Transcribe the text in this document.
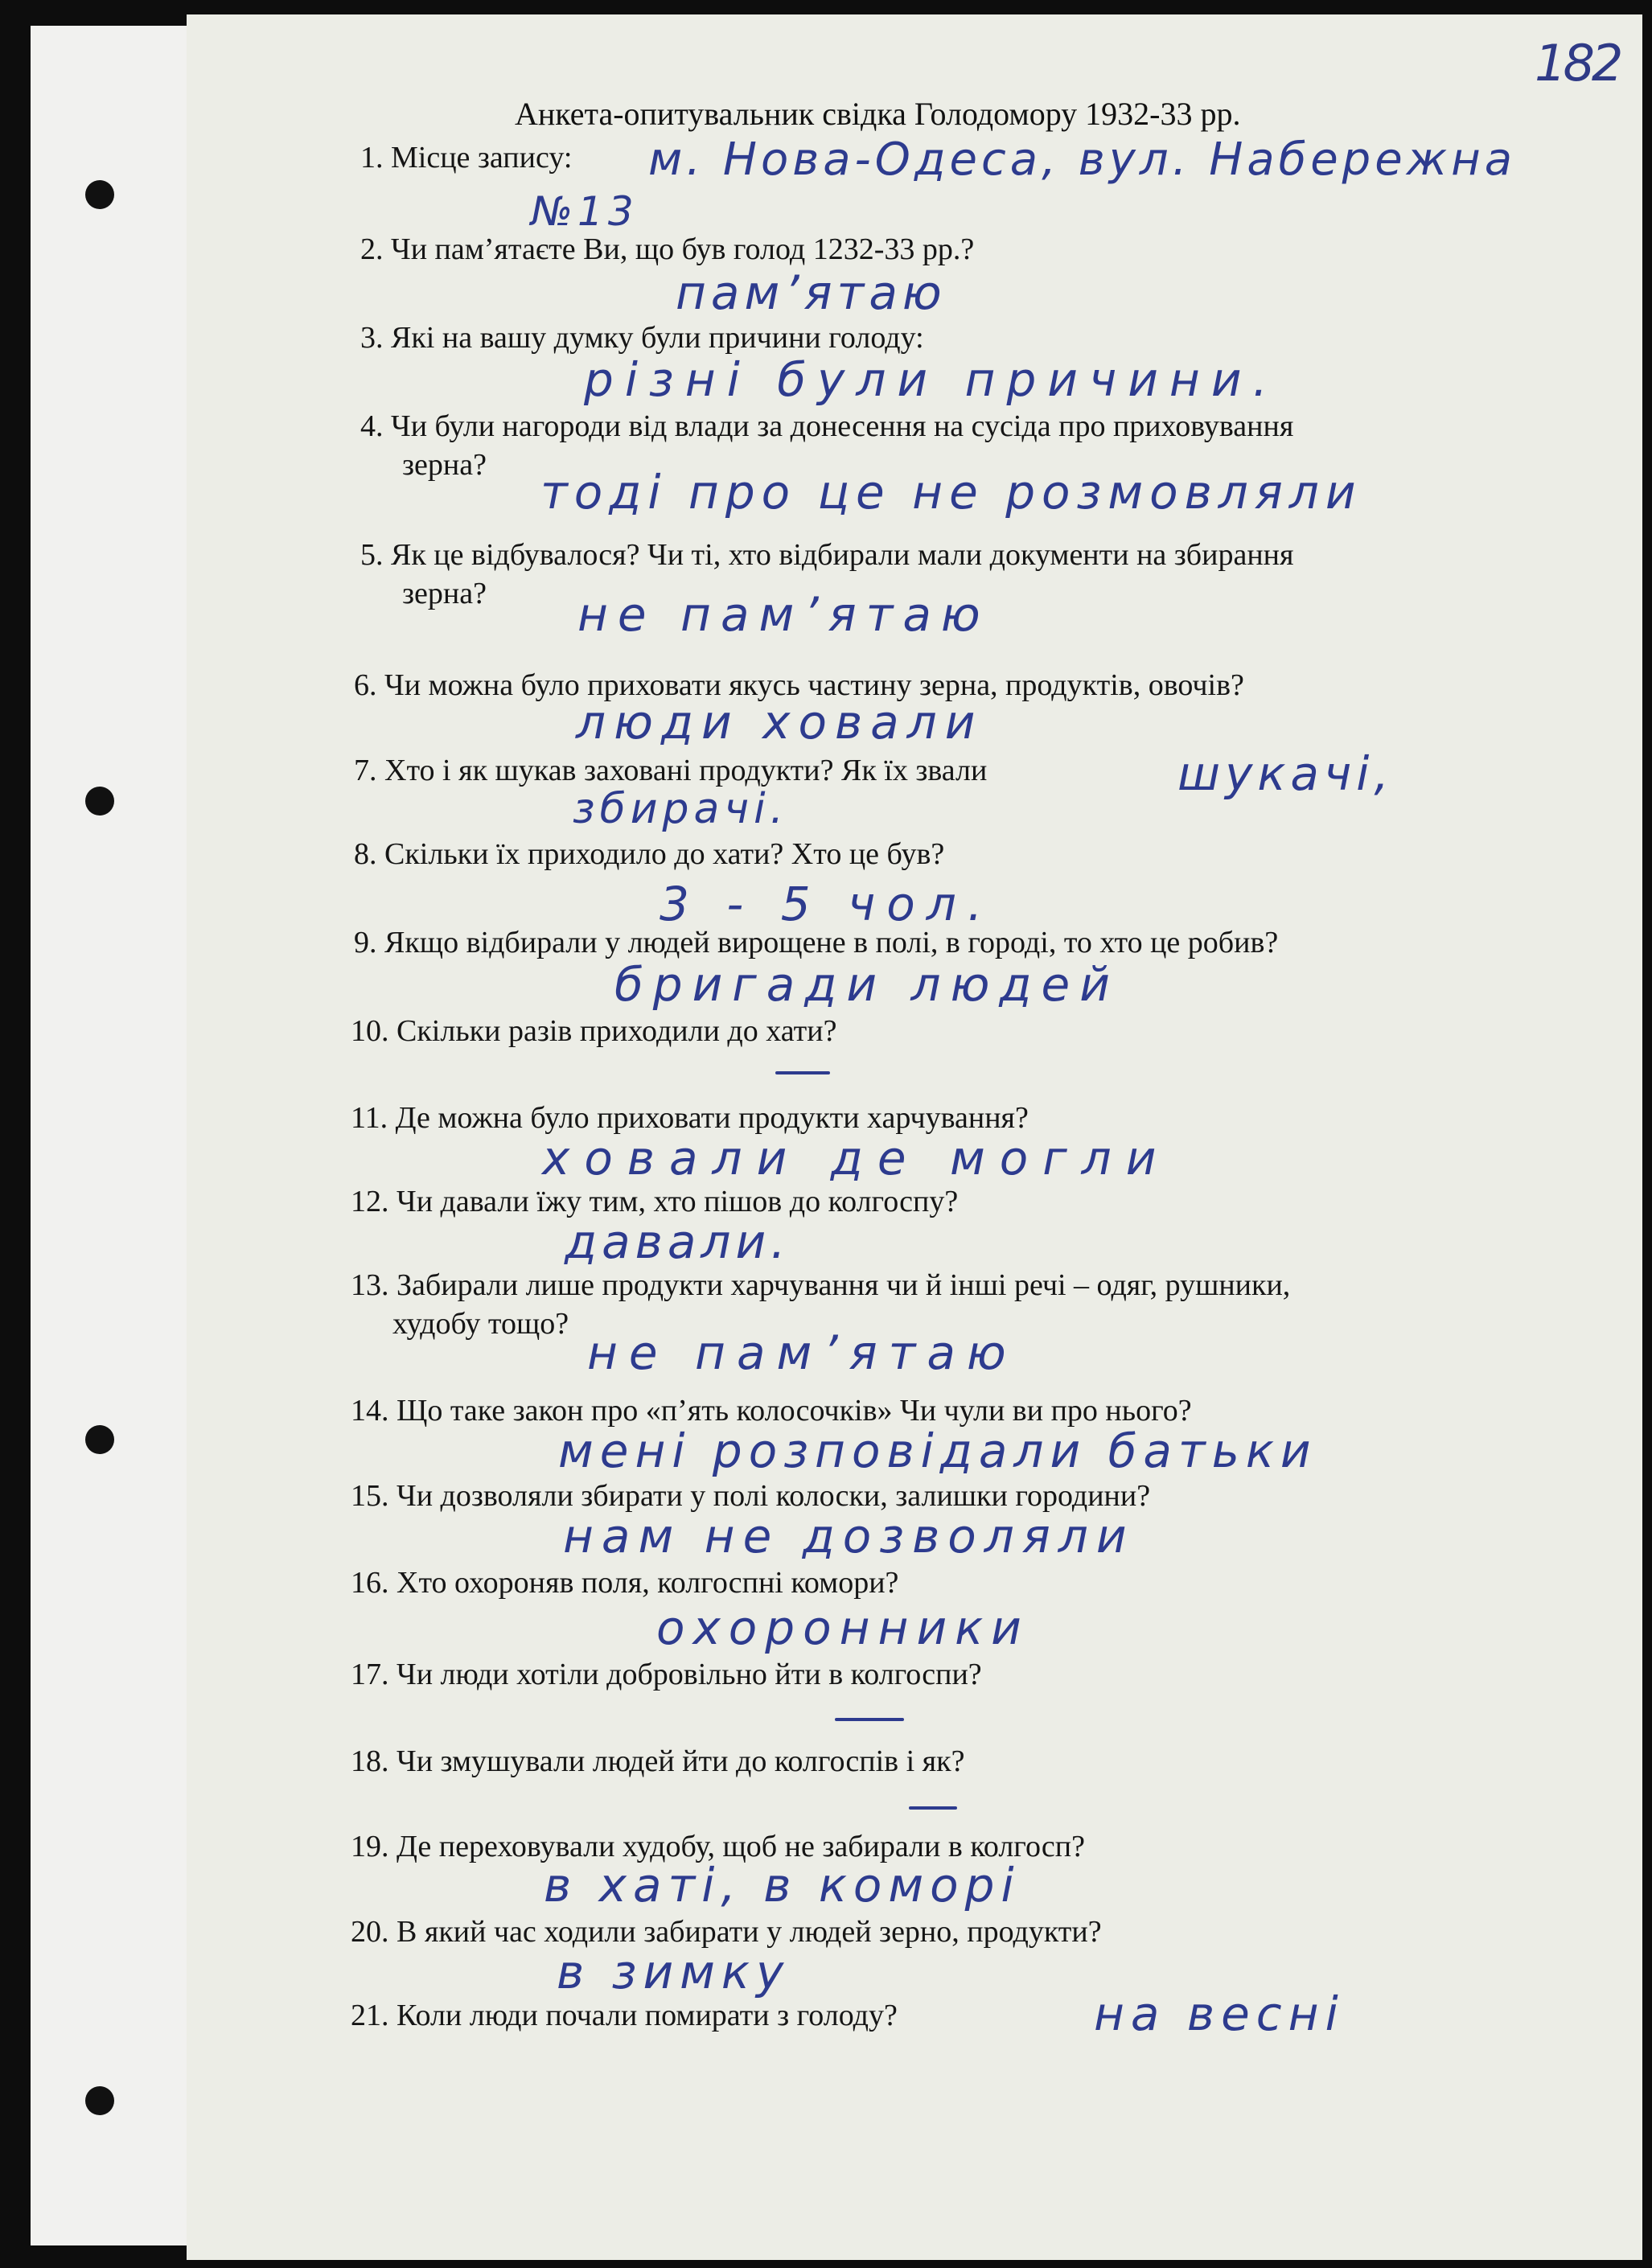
182
Анкета-опитувальник свідка Голодомору 1932-33 рр.
1. Місце запису: м. Нова-Одеса, вул. Набережна
№13
2. Чи пам’ятаєте Ви, що був голод 1232-33 рр.?
пам’ятаю
3. Які на вашу думку були причини голоду:
різні були причини.
4. Чи були нагороди від влади за донесення на сусіда про приховування
зерна?	тоді про це не розмовляли
5. Як це відбувалося? Чи ті, хто відбирали мали документи на збирання
зерна?	не пам’ятаю
6. Чи можна було приховати якусь частину зерна, продуктів, овочів?
люди ховали
7. Хто і як шукав заховані продукти? Як їх звали	шукачі,
збирачі.
8. Скільки їх приходило до хати? Хто це був?
3 - 5 чол.
9. Якщо відбирали у людей вирощене в полі, в городі, то хто це робив?
бригади людей
10. Скільки разів приходили до хати?
11. Де можна було приховати продукти харчування?
ховали де могли
12. Чи давали їжу тим, хто пішов до колгоспу?
давали.
13. Забирали лише продукти харчування чи й інші речі – одяг, рушники,
худобу тощо?
не пам’ятаю
14. Що таке закон про «п’ять колосочків» Чи чули ви про нього?
мені розповідали батьки
15. Чи дозволяли збирати у полі колоски, залишки городини?
нам не дозволяли
16. Хто охороняв поля, колгоспні комори?
охоронники
17. Чи люди хотіли добровільно йти в колгоспи?
18. Чи змушували людей йти до колгоспів і як?
19. Де переховували худобу, щоб не забирали в колгосп?
в хаті, в коморі
20. В який час ходили забирати у людей зерно, продукти?
в зимку
21. Коли люди почали помирати з голоду?	на весні
